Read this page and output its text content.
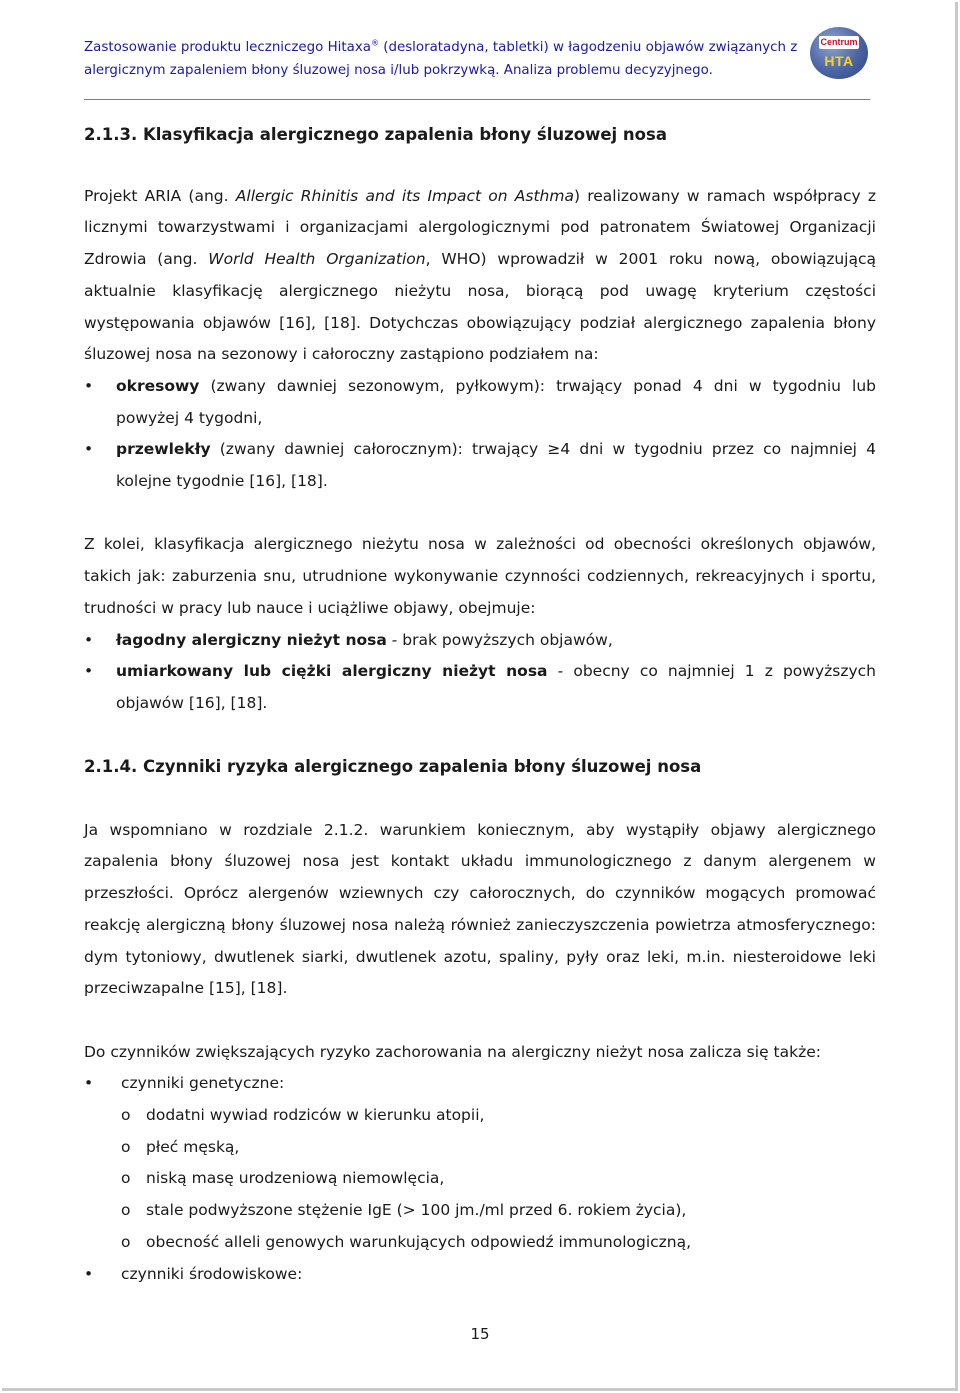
Zastosowanie produktu leczniczego Hitaxa® (desloratadyna, tabletki) w łagodzeniu objawów związanych z
alergicznym zapaleniem błony śluzowej nosa i/lub pokrzywką. Analiza problemu decyzyjnego.
Centrum
HTA
2.1.3. Klasyfikacja alergicznego zapalenia błony śluzowej nosa

Projekt ARIA (ang. Allergic Rhinitis and its Impact on Asthma) realizowany w ramach współpracy z licznymi towarzystwami i organizacjami alergologicznymi pod patronatem Światowej Organizacji Zdrowia (ang. World Health Organization, WHO) wprowadził w 2001 roku nową, obowiązującą aktualnie klasyfikację alergicznego nieżytu nosa, biorącą pod uwagę kryterium częstości występowania objawów [16], [18]. Dotychczas obowiązujący podział alergicznego zapalenia błony śluzowej nosa na sezonowy i całoroczny zastąpiono podziałem na:

• okresowy (zwany dawniej sezonowym, pyłkowym): trwający ponad 4 dni w tygodniu lub powyżej 4 tygodni,
• przewlekły (zwany dawniej całorocznym): trwający ≥4 dni w tygodniu przez co najmniej 4 kolejne tygodnie [16], [18].

Z kolei, klasyfikacja alergicznego nieżytu nosa w zależności od obecności określonych objawów, takich jak: zaburzenia snu, utrudnione wykonywanie czynności codziennych, rekreacyjnych i sportu, trudności w pracy lub nauce i uciążliwe objawy, obejmuje:

• łagodny alergiczny nieżyt nosa - brak powyższych objawów,
• umiarkowany lub ciężki alergiczny nieżyt nosa - obecny co najmniej 1 z powyższych objawów [16], [18].
2.1.4. Czynniki ryzyka alergicznego zapalenia błony śluzowej nosa

Ja wspomniano w rozdziale 2.1.2. warunkiem koniecznym, aby wystąpiły objawy alergicznego zapalenia błony śluzowej nosa jest kontakt układu immunologicznego z danym alergenem w przeszłości. Oprócz alergenów wziewnych czy całorocznych, do czynników mogących promować reakcję alergiczną błony śluzowej nosa należą również zanieczyszczenia powietrza atmosferycznego: dym tytoniowy, dwutlenek siarki, dwutlenek azotu, spaliny, pyły oraz leki, m.in. niesteroidowe leki przeciwzapalne [15], [18].

Do czynników zwiększających ryzyko zachorowania na alergiczny nieżyt nosa zalicza się także:

• czynniki genetyczne:
o dodatni wywiad rodziców w kierunku atopii,
o płeć męską,
o niską masę urodzeniową niemowlęcia,
o stale podwyższone stężenie IgE (> 100 jm./ml przed 6. rokiem życia),
o obecność alleli genowych warunkujących odpowiedź immunologiczną,
• czynniki środowiskowe:
15
